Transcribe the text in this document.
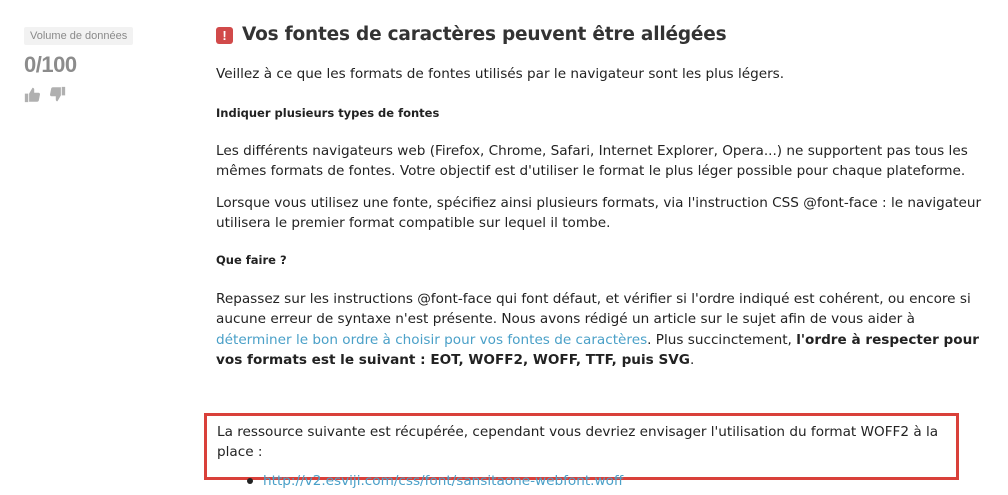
Volume de données
0/100
! Vos fontes de caractères peuvent être allégées

Veillez à ce que les formats de fontes utilisés par le navigateur sont les plus légers.

Indiquer plusieurs types de fontes

Les différents navigateurs web (Firefox, Chrome, Safari, Internet Explorer, Opera...) ne supportent pas tous les mêmes formats de fontes. Votre objectif est d'utiliser le format le plus léger possible pour chaque plateforme.

Lorsque vous utilisez une fonte, spécifiez ainsi plusieurs formats, via l'instruction CSS @font-face : le navigateur utilisera le premier format compatible sur lequel il tombe.

Que faire ?

Repassez sur les instructions @font-face qui font défaut, et vérifier si l'ordre indiqué est cohérent, ou encore si aucune erreur de syntaxe n'est présente. Nous avons rédigé un article sur le sujet afin de vous aider à déterminer le bon ordre à choisir pour vos fontes de caractères. Plus succinctement, l'ordre à respecter pour vos formats est le suivant : EOT, WOFF2, WOFF, TTF, puis SVG.

La ressource suivante est récupérée, cependant vous devriez envisager l'utilisation du format WOFF2 à la place :

http://v2.esviji.com/css/font/sansitaone-webfont.woff
